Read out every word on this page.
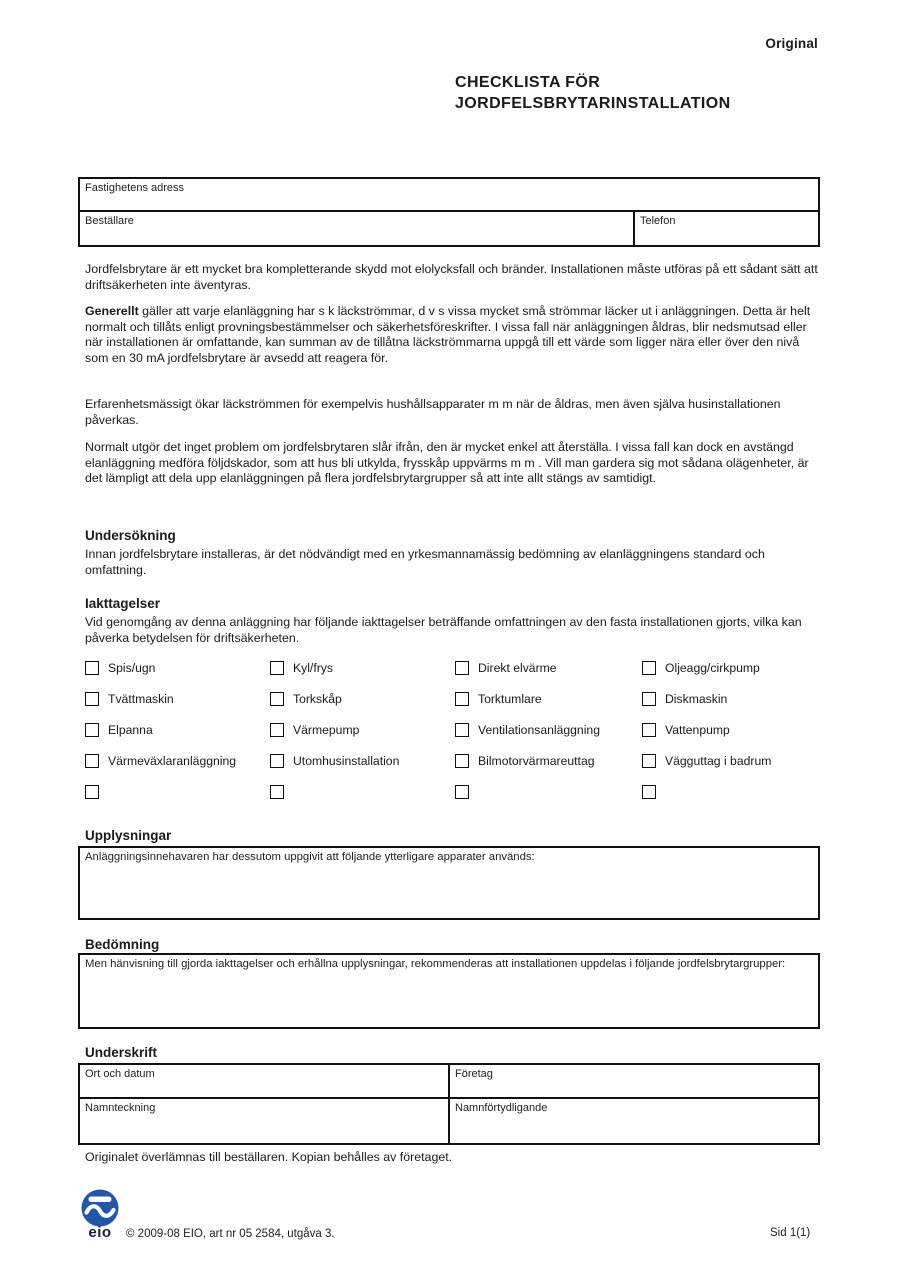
Original
CHECKLISTA FÖR
JORDFELSBRYTARINSTALLATION
Fastighetens adress
Beställare	Telefon
Jordfelsbrytare är ett mycket bra kompletterande skydd mot elolycksfall och bränder. Installationen måste utföras på ett sådant sätt att driftsäkerheten inte äventyras.
Generellt gäller att varje elanläggning har s k läckströmmar, d v s vissa mycket små strömmar läcker ut i anläggningen. Detta är helt normalt och tillåts enligt provningsbestämmelser och säkerhetsföreskrifter. I vissa fall när anläggningen åldras, blir nedsmutsad eller när installationen är omfattande, kan summan av de tillåtna läckströmmarna uppgå till ett värde som ligger nära eller över den nivå som en 30 mA jordfelsbrytare är avsedd att reagera för.
Erfarenhetsmässigt ökar läckströmmen för exempelvis hushållsapparater m m när de åldras, men även själva husinstallationen påverkas.
Normalt utgör det inget problem om jordfelsbrytaren slår ifrån, den är mycket enkel att återställa. I vissa fall kan dock en avstängd elanläggning medföra följdskador, som att hus bli utkylda, frysskåp uppvärms m m . Vill man gardera sig mot sådana olägenheter, är det lämpligt att dela upp elanläggningen på flera jordfelsbrytargrupper så att inte allt stängs av samtidigt.
Undersökning
Innan jordfelsbrytare installeras, är det nödvändigt med en yrkesmannamässig bedömning av elanläggningens standard och omfattning.
Iakttagelser
Vid genomgång av denna anläggning har följande iakttagelser beträffande omfattningen av den fasta installationen gjorts, vilka kan påverka betydelsen för driftsäkerheten.
Spis/ugn	Kyl/frys	Direkt elvärme	Oljeagg/cirkpump
Tvättmaskin	Torkskåp	Torktumlare	Diskmaskin
Elpanna	Värmepump	Ventilationsanläggning	Vattenpump
Värmeväxlaranläggning	Utomhusinstallation	Bilmotorvärmareuttag	Vägguttag i badrum
Upplysningar
Anläggningsinnehavaren har dessutom uppgivit att följande ytterligare apparater används:
Bedömning
Men hänvisning till gjorda iakttagelser och erhållna upplysningar, rekommenderas att installationen uppdelas i följande jordfelsbrytargrupper:
Underskrift
Ort och datum	Företag
Namnteckning	Namnförtydligande
Originalet överlämnas till beställaren. Kopian behålles av företaget.
eio	© 2009-08 EIO, art nr 05 2584, utgåva 3.	Sid 1(1)
